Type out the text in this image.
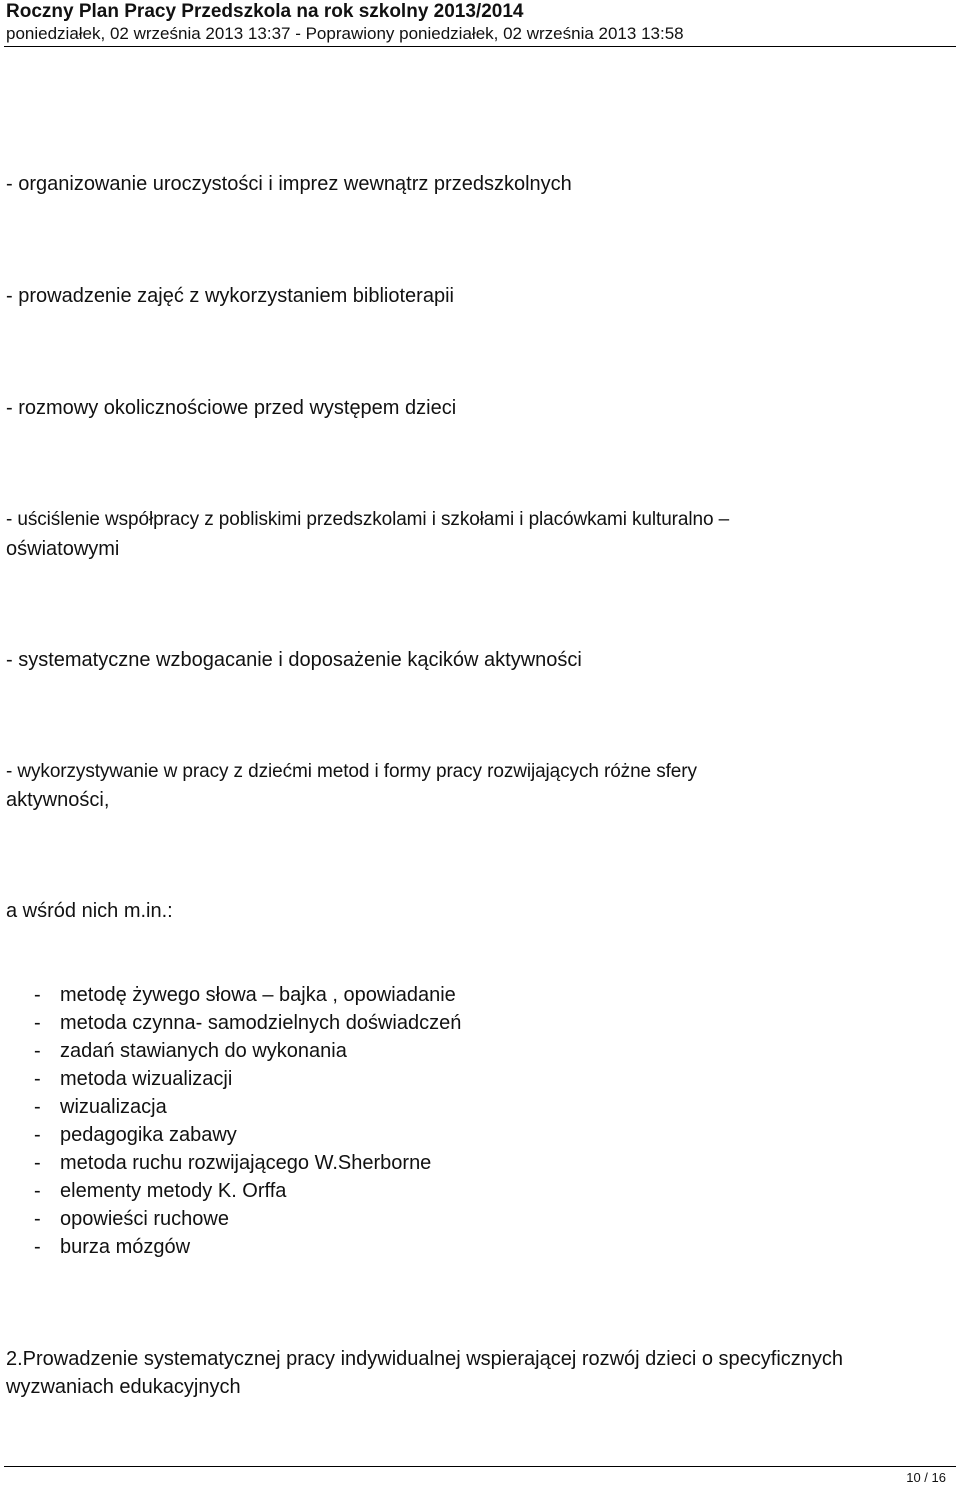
Roczny Plan Pracy Przedszkola na rok szkolny 2013/2014

poniedziałek, 02 września 2013 13:37 - Poprawiony poniedziałek, 02 września 2013 13:58

- organizowanie uroczystości i imprez wewnątrz przedszkolnych

- prowadzenie zajęć z wykorzystaniem biblioterapii

- rozmowy okolicznościowe przed występem dzieci

- uściślenie współpracy z pobliskimi przedszkolami i szkołami i placówkami kulturalno –

oświatowymi

- systematyczne wzbogacanie i doposażenie kącików aktywności

- wykorzystywanie w pracy z dziećmi metod i formy pracy rozwijających różne sfery

aktywności,

a wśród nich m.in.:

- metodę żywego słowa – bajka , opowiadanie
- metoda czynna- samodzielnych doświadczeń
- zadań stawianych do wykonania
- metoda wizualizacji
- wizualizacja
- pedagogika zabawy
- metoda ruchu rozwijającego W.Sherborne
- elementy metody K. Orffa
- opowieści ruchowe
- burza mózgów

2.Prowadzenie systematycznej pracy indywidualnej wspierającej rozwój dzieci o specyficznych

wyzwaniach edukacyjnych

10 / 16
